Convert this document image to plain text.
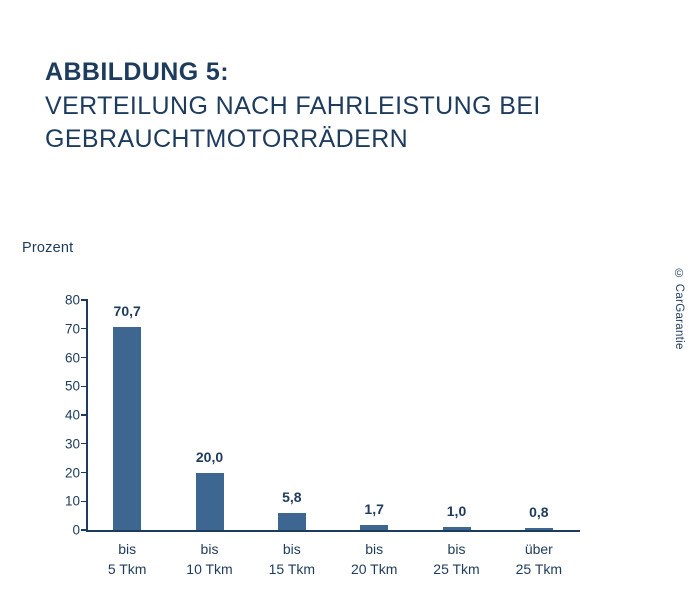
ABBILDUNG 5:
VERTEILUNG NACH FAHRLEISTUNG BEI
GEBRAUCHTMOTORRÄDERN
Prozent
© CarGarantie
0
10
20
30
40
50
60
70
80
70,7
bis
5 Tkm
20,0
bis
10 Tkm
5,8
bis
15 Tkm
1,7
bis
20 Tkm
1,0
bis
25 Tkm
0,8
über
25 Tkm
